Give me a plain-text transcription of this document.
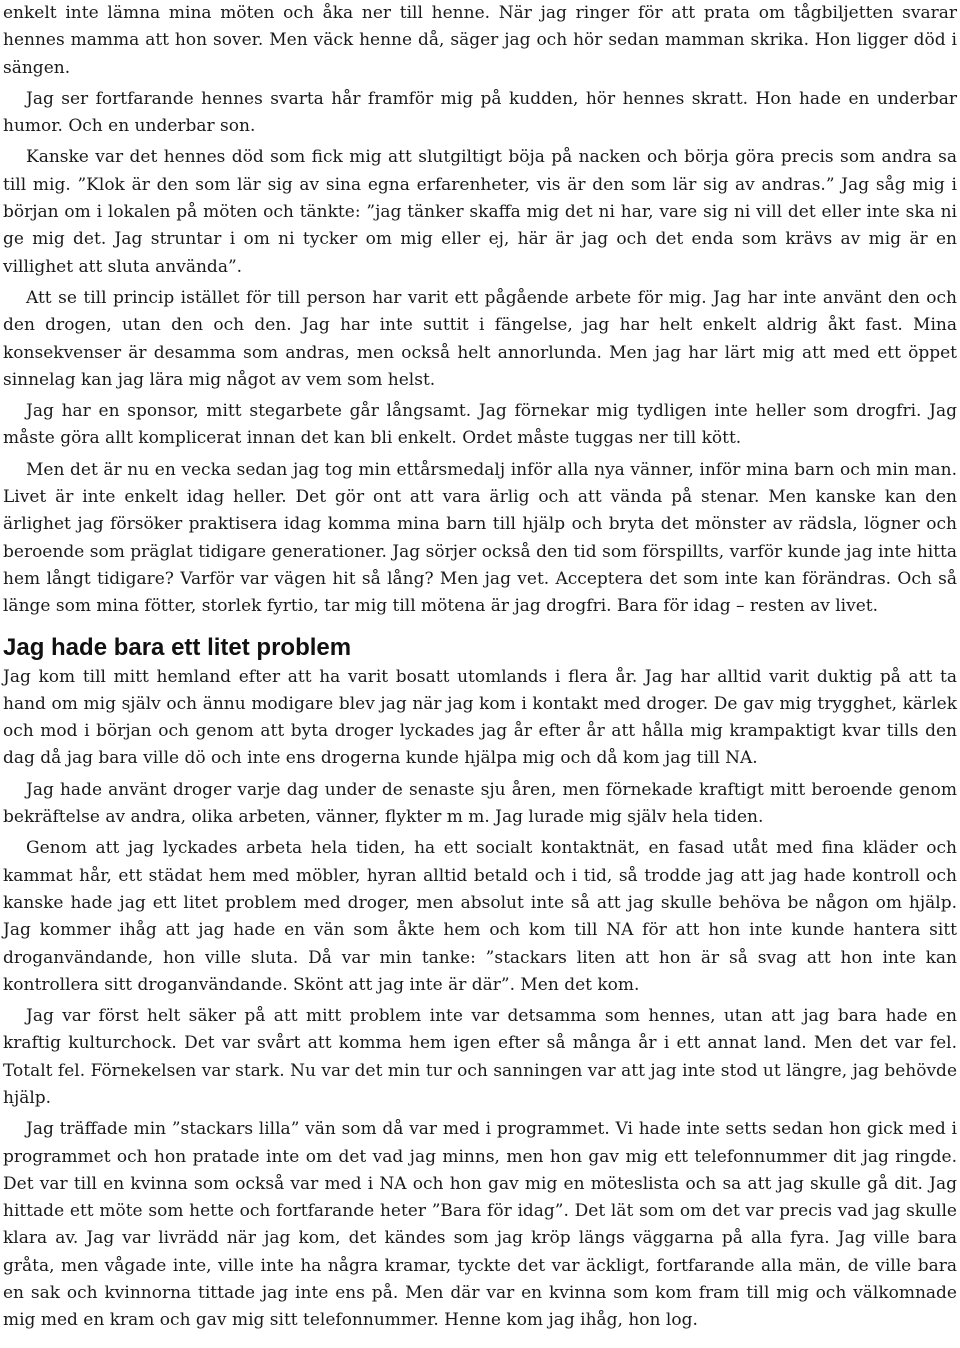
enkelt inte lämna mina möten och åka ner till henne. När jag ringer för att prata om tågbiljetten svarar hennes mamma att hon sover. Men väck henne då, säger jag och hör sedan mamman skrika. Hon ligger död i sängen.

Jag ser fortfarande hennes svarta hår framför mig på kudden, hör hennes skratt. Hon hade en underbar humor. Och en underbar son.

Kanske var det hennes död som fick mig att slutgiltigt böja på nacken och börja göra precis som andra sa till mig. ”Klok är den som lär sig av sina egna erfarenheter, vis är den som lär sig av andras.” Jag såg mig i början om i lokalen på möten och tänkte: ”jag tänker skaffa mig det ni har, vare sig ni vill det eller inte ska ni ge mig det. Jag struntar i om ni tycker om mig eller ej, här är jag och det enda som krävs av mig är en villighet att sluta använda”.

Att se till princip istället för till person har varit ett pågående arbete för mig. Jag har inte använt den och den drogen, utan den och den. Jag har inte suttit i fängelse, jag har helt enkelt aldrig åkt fast. Mina konsekvenser är desamma som andras, men också helt annorlunda. Men jag har lärt mig att med ett öppet sinnelag kan jag lära mig något av vem som helst.

Jag har en sponsor, mitt stegarbete går långsamt. Jag förnekar mig tydligen inte heller som drogfri. Jag måste göra allt komplicerat innan det kan bli enkelt. Ordet måste tuggas ner till kött.

Men det är nu en vecka sedan jag tog min ettårsmedalj inför alla nya vänner, inför mina barn och min man. Livet är inte enkelt idag heller. Det gör ont att vara ärlig och att vända på stenar. Men kanske kan den ärlighet jag försöker praktisera idag komma mina barn till hjälp och bryta det mönster av rädsla, lögner och beroende som präglat tidigare generationer. Jag sörjer också den tid som förspillts, varför kunde jag inte hitta hem långt tidigare? Varför var vägen hit så lång? Men jag vet. Acceptera det som inte kan förändras. Och så länge som mina fötter, storlek fyrtio, tar mig till mötena är jag drogfri. Bara för idag – resten av livet.

Jag hade bara ett litet problem

Jag kom till mitt hemland efter att ha varit bosatt utomlands i flera år. Jag har alltid varit duktig på att ta hand om mig själv och ännu modigare blev jag när jag kom i kontakt med droger. De gav mig trygghet, kärlek och mod i början och genom att byta droger lyckades jag år efter år att hålla mig krampaktigt kvar tills den dag då jag bara ville dö och inte ens drogerna kunde hjälpa mig och då kom jag till NA.

Jag hade använt droger varje dag under de senaste sju åren, men förnekade kraftigt mitt beroende genom bekräftelse av andra, olika arbeten, vänner, flykter m m. Jag lurade mig själv hela tiden.

Genom att jag lyckades arbeta hela tiden, ha ett socialt kontaktnät, en fasad utåt med fina kläder och kammat hår, ett städat hem med möbler, hyran alltid betald och i tid, så trodde jag att jag hade kontroll och kanske hade jag ett litet problem med droger, men absolut inte så att jag skulle behöva be någon om hjälp. Jag kommer ihåg att jag hade en vän som åkte hem och kom till NA för att hon inte kunde hantera sitt droganvändande, hon ville sluta. Då var min tanke: ”stackars liten att hon är så svag att hon inte kan kontrollera sitt droganvändande. Skönt att jag inte är där”. Men det kom.

Jag var först helt säker på att mitt problem inte var detsamma som hennes, utan att jag bara hade en kraftig kulturchock. Det var svårt att komma hem igen efter så många år i ett annat land. Men det var fel. Totalt fel. Förnekelsen var stark. Nu var det min tur och sanningen var att jag inte stod ut längre, jag behövde hjälp.

Jag träffade min ”stackars lilla” vän som då var med i programmet. Vi hade inte setts sedan hon gick med i programmet och hon pratade inte om det vad jag minns, men hon gav mig ett telefonnummer dit jag ringde. Det var till en kvinna som också var med i NA och hon gav mig en möteslista och sa att jag skulle gå dit. Jag hittade ett möte som hette och fortfarande heter ”Bara för idag”. Det lät som om det var precis vad jag skulle klara av. Jag var livrädd när jag kom, det kändes som jag kröp längs väggarna på alla fyra. Jag ville bara gråta, men vågade inte, ville inte ha några kramar, tyckte det var äckligt, fortfarande alla män, de ville bara en sak och kvinnorna tittade jag inte ens på. Men där var en kvinna som kom fram till mig och välkomnade mig med en kram och gav mig sitt telefonnummer. Henne kom jag ihåg, hon log.
